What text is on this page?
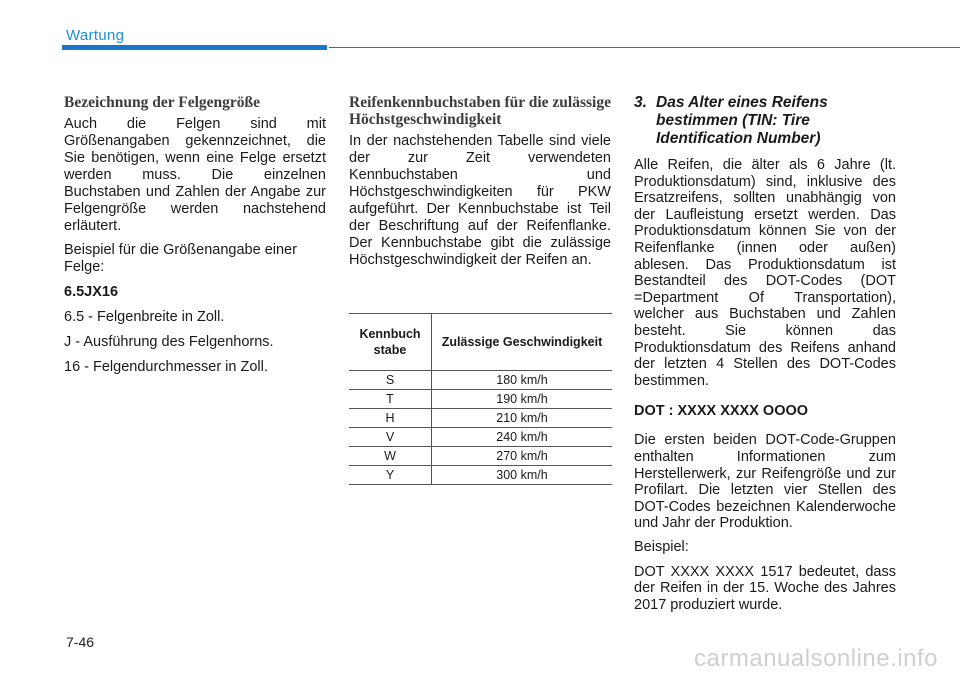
Wartung
Bezeichnung der Felgengröße

Auch die Felgen sind mit Größenangaben gekennzeichnet, die Sie benötigen, wenn eine Felge ersetzt werden muss. Die einzelnen Buchstaben und Zahlen der Angabe zur Felgengröße werden nachstehend erläutert.

Beispiel für die Größenangabe einer Felge:

6.5JX16

6.5 - Felgenbreite in Zoll.

J - Ausführung des Felgenhorns.

16 - Felgendurchmesser in Zoll.

Reifenkennbuchstaben für die zulässige Höchstgeschwindigkeit

In der nachstehenden Tabelle sind viele der zur Zeit verwendeten Kennbuchstaben und Höchstgeschwindigkeiten für PKW aufgeführt. Der Kennbuchstabe ist Teil der Beschriftung auf der Reifenflanke. Der Kennbuchstabe gibt die zulässige Höchstgeschwindigkeit der Reifen an.

Kennbuch stabe	Zulässige Geschwindigkeit
S	180 km/h
T	190 km/h
H	210 km/h
V	240 km/h
W	270 km/h
Y	300 km/h
3. Das Alter eines Reifens bestimmen (TIN: Tire Identification Number)

Alle Reifen, die älter als 6 Jahre (lt. Produktionsdatum) sind, inklusive des Ersatzreifens, sollten unabhängig von der Laufleistung ersetzt werden. Das Produktionsdatum können Sie von der Reifenflanke (innen oder außen) ablesen. Das Produktionsdatum ist Bestandteil des DOT-Codes (DOT =Department Of Transportation), welcher aus Buchstaben und Zahlen besteht. Sie können das Produktionsdatum des Reifens anhand der letzten 4 Stellen des DOT-Codes bestimmen.

DOT : XXXX XXXX OOOO

Die ersten beiden DOT-Code-Gruppen enthalten Informationen zum Herstellerwerk, zur Reifengröße und zur Profilart. Die letzten vier Stellen des DOT-Codes bezeichnen Kalenderwoche und Jahr der Produktion.

Beispiel:

DOT XXXX XXXX 1517 bedeutet, dass der Reifen in der 15. Woche des Jahres 2017 produziert wurde.

7-46
carmanualsonline.info
